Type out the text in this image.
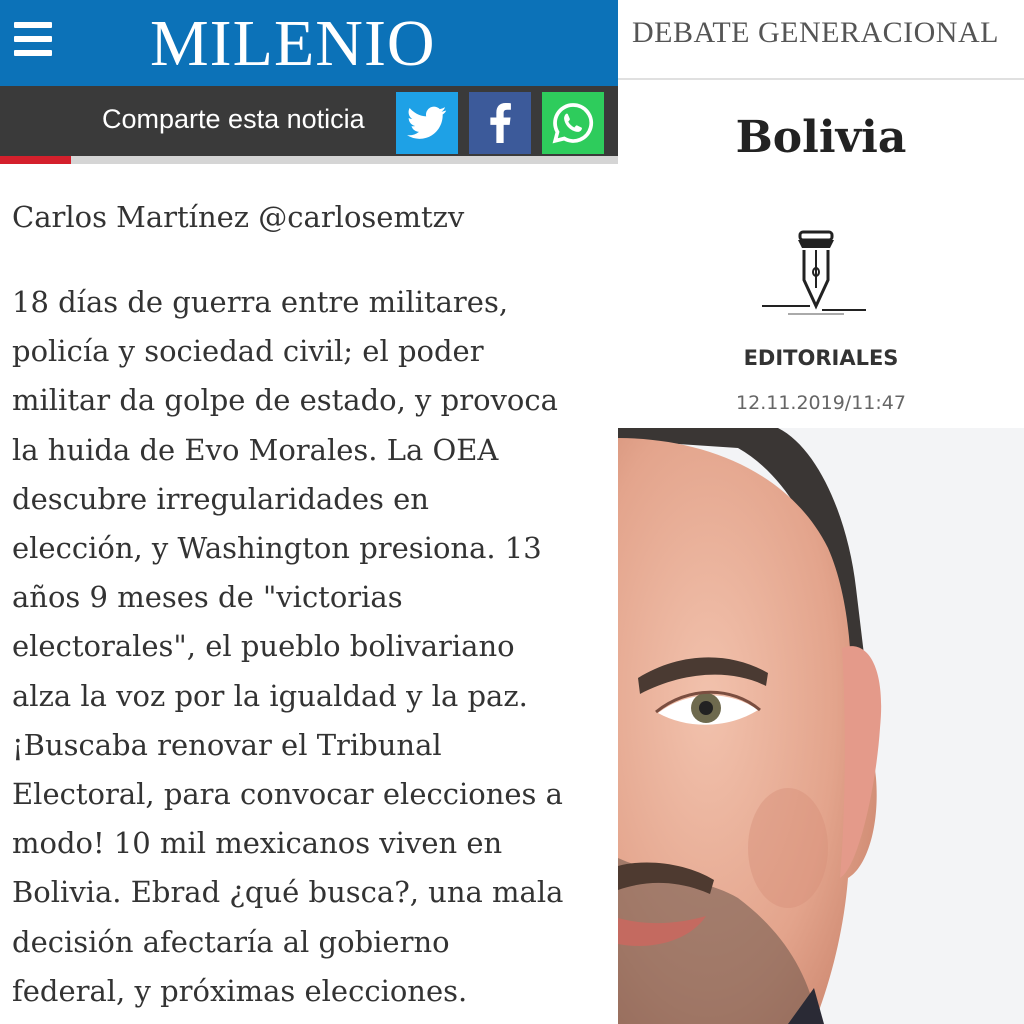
MILENIO
Comparte esta noticia
Carlos Martínez @carlosemtzv
18 días de guerra entre militares,
policía y sociedad civil; el poder
militar da golpe de estado, y provoca
la huida de Evo Morales. La OEA
descubre irregularidades en
elección, y Washington presiona. 13
años 9 meses de "victorias
electorales", el pueblo bolivariano
alza la voz por la igualdad y la paz.
¡Buscaba renovar el Tribunal
Electoral, para convocar elecciones a
modo! 10 mil mexicanos viven en
Bolivia. Ebrad ¿qué busca?, una mala
decisión afectaría al gobierno
federal, y próximas elecciones.
DEBATE GENERACIONAL
Bolivia
EDITORIALES
12.11.2019/11:47
